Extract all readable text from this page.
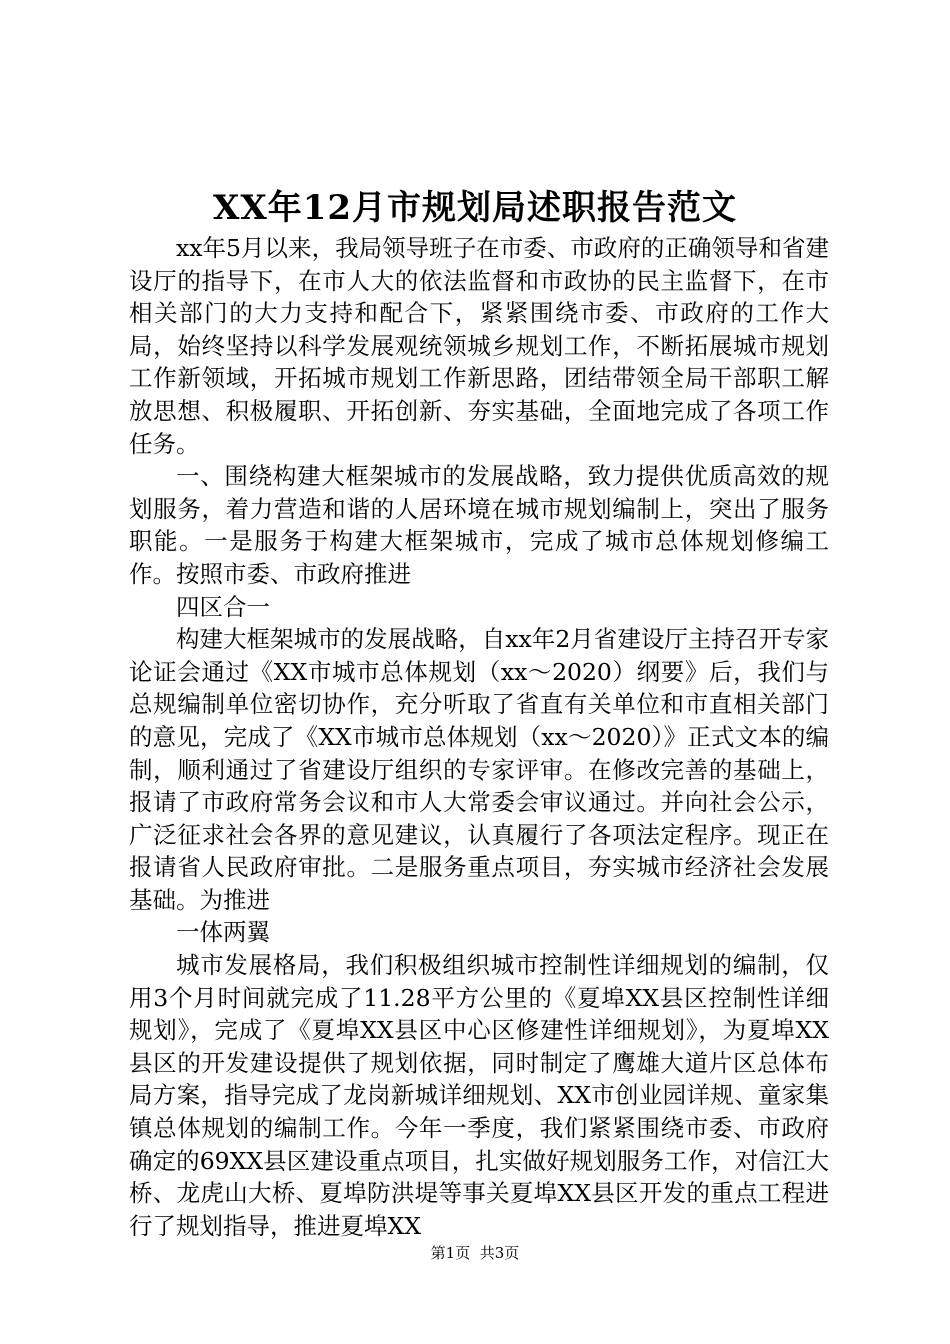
XX年12月市规划局述职报告范文

xx年5月以来，我局领导班子在市委、市政府的正确领导和省建设厅的指导下，在市人大的依法监督和市政协的民主监督下，在市相关部门的大力支持和配合下，紧紧围绕市委、市政府的工作大局，始终坚持以科学发展观统领城乡规划工作，不断拓展城市规划工作新领域，开拓城市规划工作新思路，团结带领全局干部职工解放思想、积极履职、开拓创新、夯实基础，全面地完成了各项工作任务。

一、围绕构建大框架城市的发展战略，致力提供优质高效的规划服务，着力营造和谐的人居环境在城市规划编制上，突出了服务职能。一是服务于构建大框架城市，完成了城市总体规划修编工作。按照市委、市政府推进

四区合一

构建大框架城市的发展战略，自xx年2月省建设厅主持召开专家论证会通过《XX市城市总体规划（xx～2020）纲要》后，我们与总规编制单位密切协作，充分听取了省直有关单位和市直相关部门的意见，完成了《XX市城市总体规划（xx～2020）》正式文本的编制，顺利通过了省建设厅组织的专家评审。在修改完善的基础上，报请了市政府常务会议和市人大常委会审议通过。并向社会公示，广泛征求社会各界的意见建议，认真履行了各项法定程序。现正在报请省人民政府审批。二是服务重点项目，夯实城市经济社会发展基础。为推进

一体两翼

城市发展格局，我们积极组织城市控制性详细规划的编制，仅用3个月时间就完成了11.28平方公里的《夏埠XX县区控制性详细规划》，完成了《夏埠XX县区中心区修建性详细规划》，为夏埠XX县区的开发建设提供了规划依据，同时制定了鹰雄大道片区总体布局方案，指导完成了龙岗新城详细规划、XX市创业园详规、童家集镇总体规划的编制工作。今年一季度，我们紧紧围绕市委、市政府确定的69XX县区建设重点项目，扎实做好规划服务工作，对信江大桥、龙虎山大桥、夏埠防洪堤等事关夏埠XX县区开发的重点工程进行了规划指导，推进夏埠XX

第1页 共3页
